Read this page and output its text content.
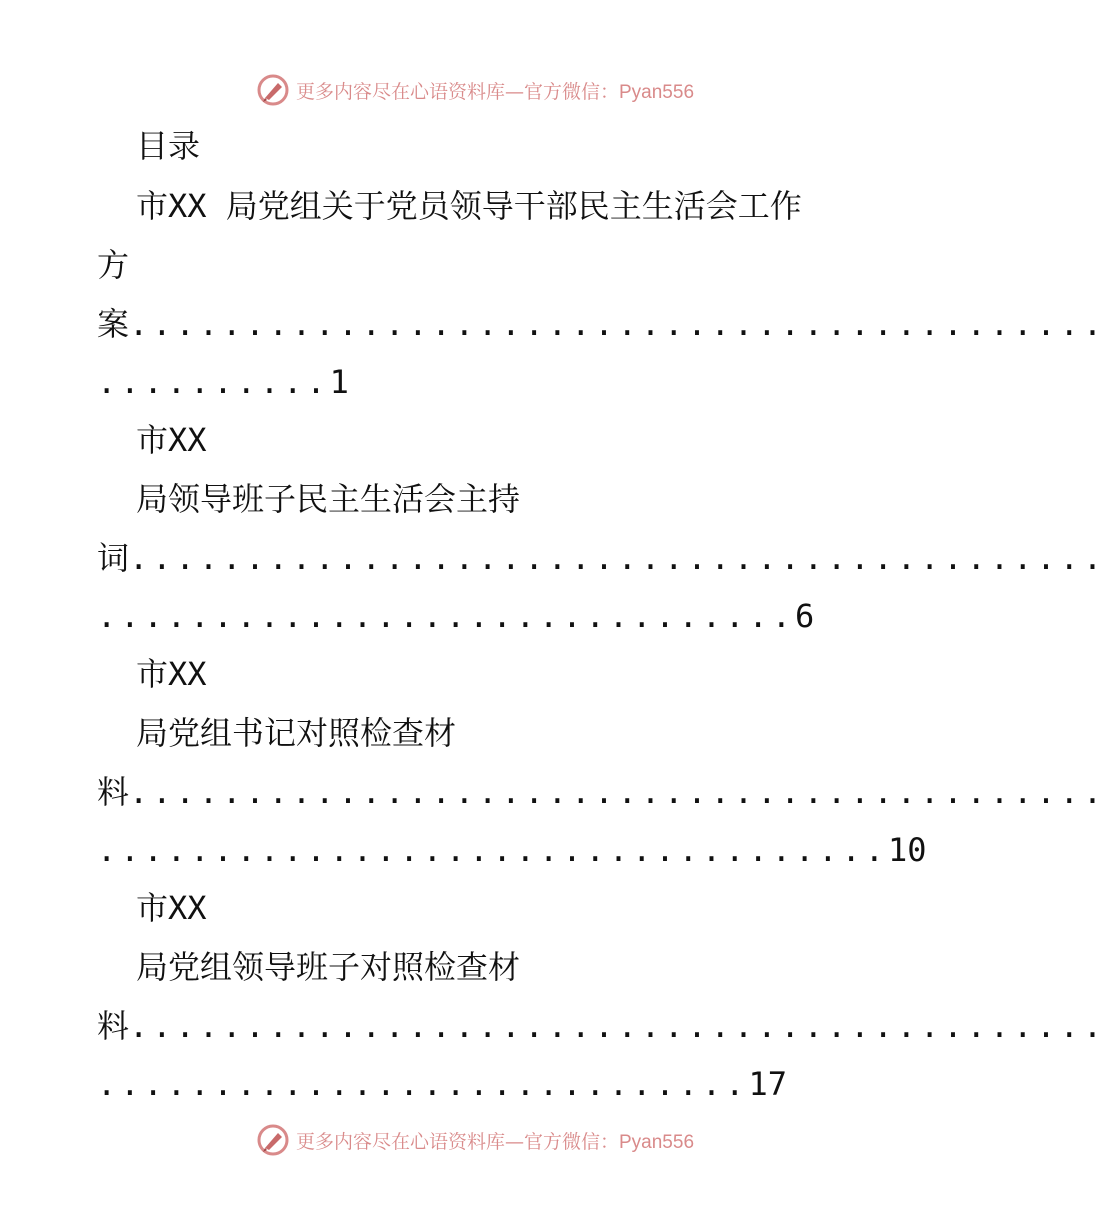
更多内容尽在心语资料库—官方微信：Pyan556
目录
市XX 局党组关于党员领导干部民主生活会工作
方
案..........................................
..........1
市XX
局领导班子民主生活会主持
词..........................................
..............................6
市XX
局党组书记对照检查材
料..........................................
..................................10
市XX
局党组领导班子对照检查材
料..........................................
............................17
更多内容尽在心语资料库—官方微信：Pyan556
